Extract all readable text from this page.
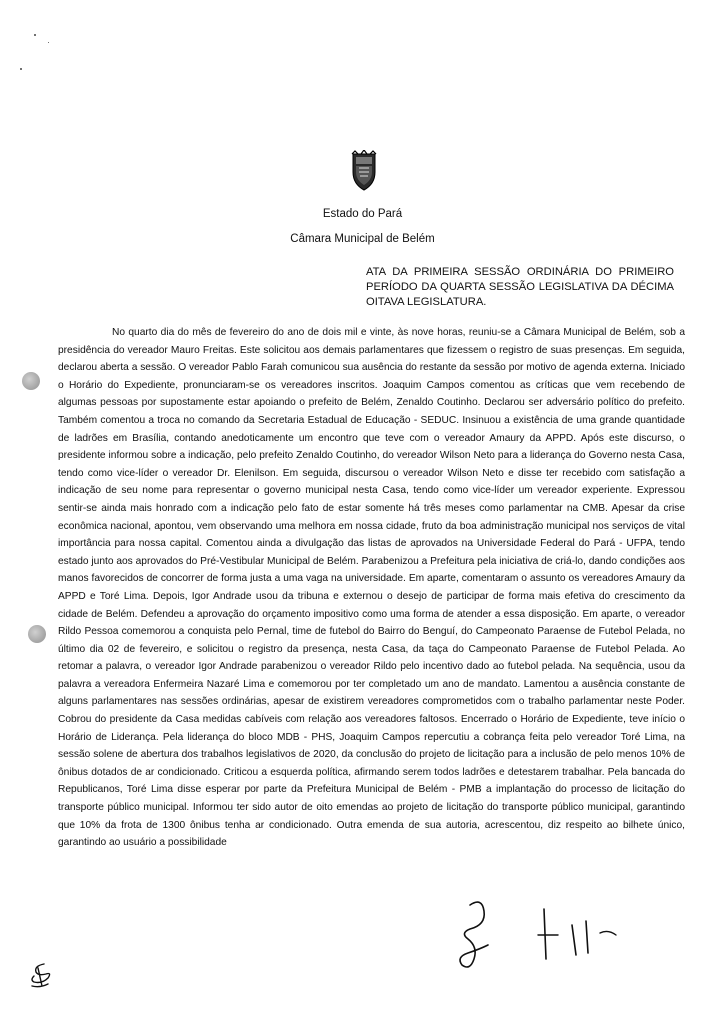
Estado do Pará
Câmara Municipal de Belém
ATA DA PRIMEIRA SESSÃO ORDINÁRIA DO PRIMEIRO PERÍODO DA QUARTA SESSÃO LEGISLATIVA DA DÉCIMA OITAVA LEGISLATURA.

No quarto dia do mês de fevereiro do ano de dois mil e vinte, às nove horas, reuniu-se a Câmara Municipal de Belém, sob a presidência do vereador Mauro Freitas. Este solicitou aos demais parlamentares que fizessem o registro de suas presenças. Em seguida, declarou aberta a sessão. O vereador Pablo Farah comunicou sua ausência do restante da sessão por motivo de agenda externa. Iniciado o Horário do Expediente, pronunciaram-se os vereadores inscritos. Joaquim Campos comentou as críticas que vem recebendo de algumas pessoas por supostamente estar apoiando o prefeito de Belém, Zenaldo Coutinho. Declarou ser adversário político do prefeito. Também comentou a troca no comando da Secretaria Estadual de Educação - SEDUC. Insinuou a existência de uma grande quantidade de ladrões em Brasília, contando anedoticamente um encontro que teve com o vereador Amaury da APPD. Após este discurso, o presidente informou sobre a indicação, pelo prefeito Zenaldo Coutinho, do vereador Wilson Neto para a liderança do Governo nesta Casa, tendo como vice-líder o vereador Dr. Elenilson. Em seguida, discursou o vereador Wilson Neto e disse ter recebido com satisfação a indicação de seu nome para representar o governo municipal nesta Casa, tendo como vice-líder um vereador experiente. Expressou sentir-se ainda mais honrado com a indicação pelo fato de estar somente há três meses como parlamentar na CMB. Apesar da crise econômica nacional, apontou, vem observando uma melhora em nossa cidade, fruto da boa administração municipal nos serviços de vital importância para nossa capital. Comentou ainda a divulgação das listas de aprovados na Universidade Federal do Pará - UFPA, tendo estado junto aos aprovados do Pré-Vestibular Municipal de Belém. Parabenizou a Prefeitura pela iniciativa de criá-lo, dando condições aos manos favorecidos de concorrer de forma justa a uma vaga na universidade. Em aparte, comentaram o assunto os vereadores Amaury da APPD e Toré Lima. Depois, Igor Andrade usou da tribuna e externou o desejo de participar de forma mais efetiva do crescimento da cidade de Belém. Defendeu a aprovação do orçamento impositivo como uma forma de atender a essa disposição. Em aparte, o vereador Rildo Pessoa comemorou a conquista pelo Pernal, time de futebol do Bairro do Benguí, do Campeonato Paraense de Futebol Pelada, no último dia 02 de fevereiro, e solicitou o registro da presença, nesta Casa, da taça do Campeonato Paraense de Futebol Pelada. Ao retomar a palavra, o vereador Igor Andrade parabenizou o vereador Rildo pelo incentivo dado ao futebol pelada. Na sequência, usou da palavra a vereadora Enfermeira Nazaré Lima e comemorou por ter completado um ano de mandato. Lamentou a ausência constante de alguns parlamentares nas sessões ordinárias, apesar de existirem vereadores comprometidos com o trabalho parlamentar neste Poder. Cobrou do presidente da Casa medidas cabíveis com relação aos vereadores faltosos. Encerrado o Horário de Expediente, teve início o Horário de Liderança. Pela liderança do bloco MDB - PHS, Joaquim Campos repercutiu a cobrança feita pelo vereador Toré Lima, na sessão solene de abertura dos trabalhos legislativos de 2020, da conclusão do projeto de licitação para a inclusão de pelo menos 10% de ônibus dotados de ar condicionado. Criticou a esquerda política, afirmando serem todos ladrões e detestarem trabalhar. Pela bancada do Republicanos, Toré Lima disse esperar por parte da Prefeitura Municipal de Belém - PMB a implantação do processo de licitação do transporte público municipal. Informou ter sido autor de oito emendas ao projeto de licitação do transporte público municipal, garantindo que 10% da frota de 1300 ônibus tenha ar condicionado. Outra emenda de sua autoria, acrescentou, diz respeito ao bilhete único, garantindo ao usuário a possibilidade
